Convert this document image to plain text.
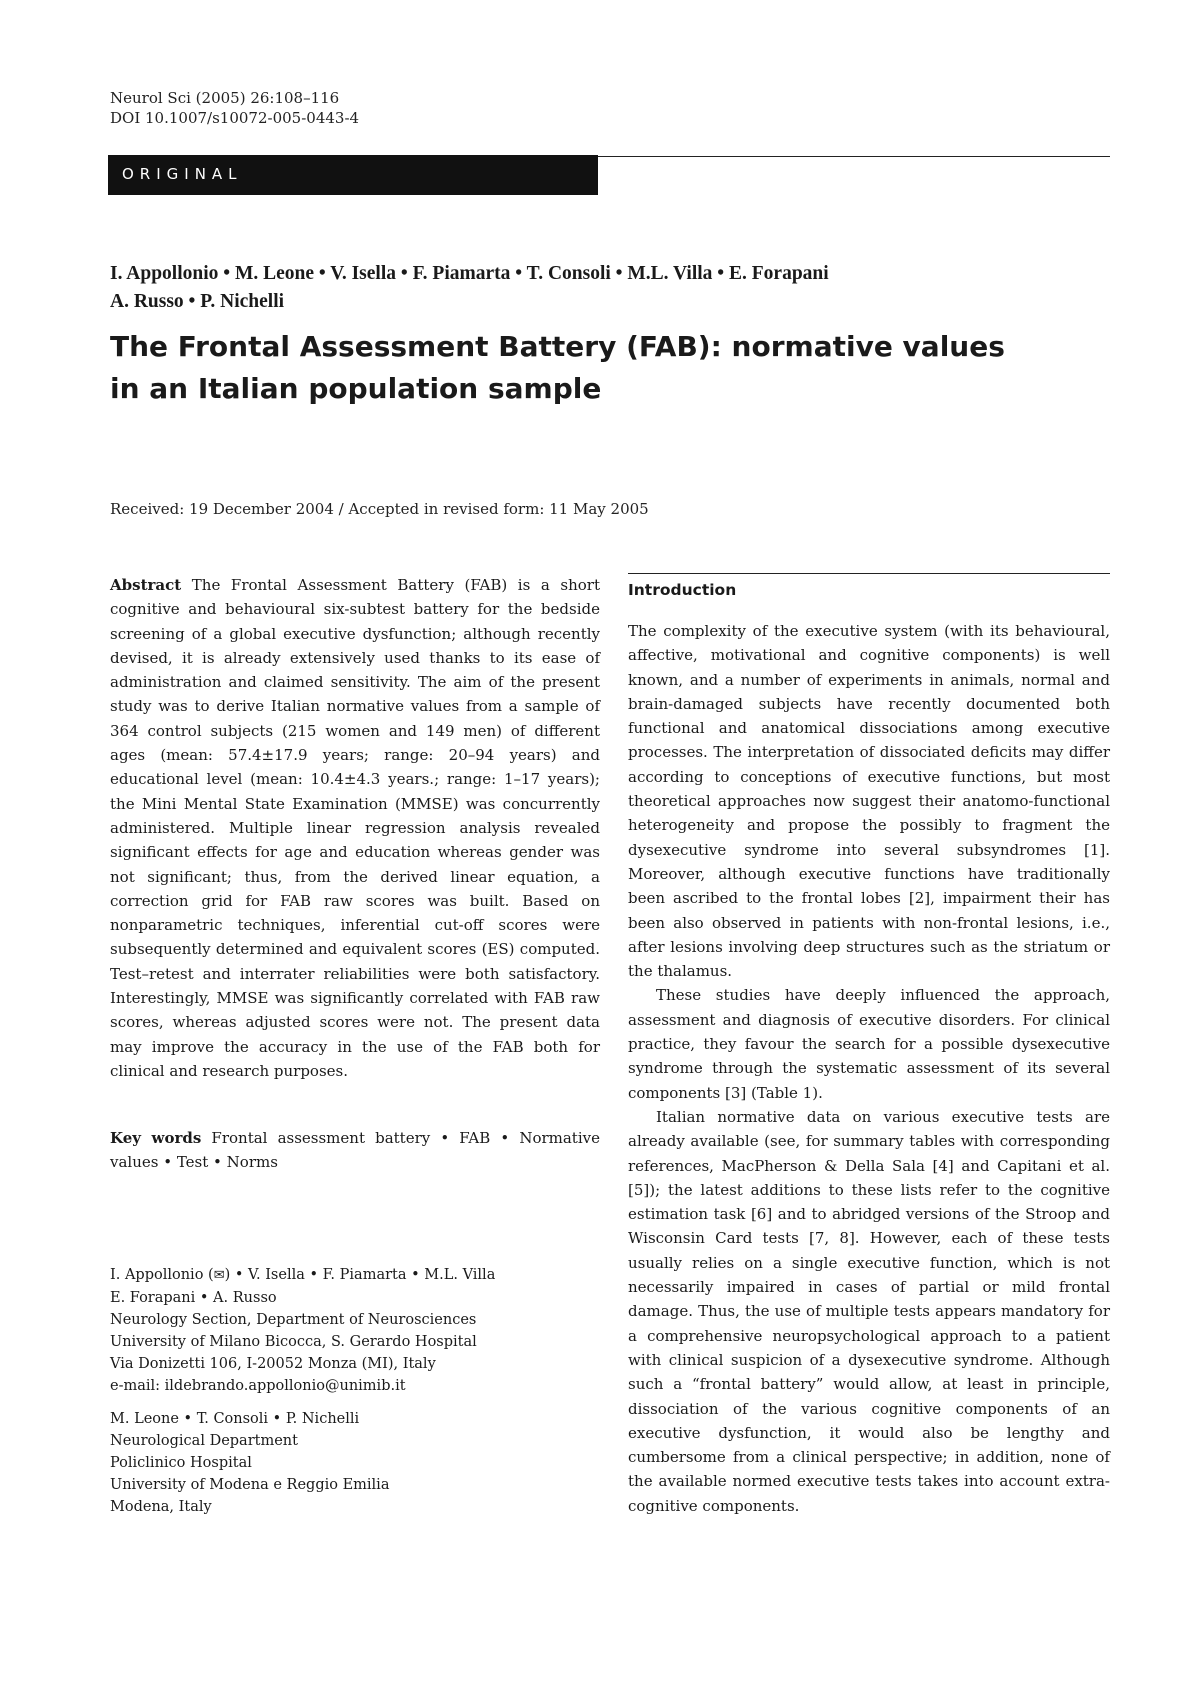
Neurol Sci (2005) 26:108–116
DOI 10.1007/s10072-005-0443-4
ORIGINAL
I. Appollonio • M. Leone • V. Isella • F. Piamarta • T. Consoli • M.L. Villa • E. Forapani
A. Russo • P. Nichelli
The Frontal Assessment Battery (FAB): normative values
in an Italian population sample
Received: 19 December 2004 / Accepted in revised form: 11 May 2005

Abstract The Frontal Assessment Battery (FAB) is a short cognitive and behavioural six-subtest battery for the bedside screening of a global executive dysfunction; although recently devised, it is already extensively used thanks to its ease of administration and claimed sensitivity. The aim of the present study was to derive Italian normative values from a sample of 364 control subjects (215 women and 149 men) of different ages (mean: 57.4±17.9 years; range: 20–94 years) and educational level (mean: 10.4±4.3 years.; range: 1–17 years); the Mini Mental State Examination (MMSE) was concurrently administered. Multiple linear regression analysis revealed significant effects for age and education whereas gender was not significant; thus, from the derived linear equation, a correction grid for FAB raw scores was built. Based on nonparametric techniques, inferential cut-off scores were subsequently determined and equivalent scores (ES) computed. Test–retest and interrater reliabilities were both satisfactory. Interestingly, MMSE was significantly correlated with FAB raw scores, whereas adjusted scores were not. The present data may improve the accuracy in the use of the FAB both for clinical and research purposes.

Key words Frontal assessment battery • FAB • Normative values • Test • Norms

I. Appollonio (✉) • V. Isella • F. Piamarta • M.L. Villa
E. Forapani • A. Russo
Neurology Section, Department of Neurosciences
University of Milano Bicocca, S. Gerardo Hospital
Via Donizetti 106, I-20052 Monza (MI), Italy
e-mail: ildebrando.appollonio@unimib.it
M. Leone • T. Consoli • P. Nichelli
Neurological Department
Policlinico Hospital
University of Modena e Reggio Emilia
Modena, Italy
Introduction

The complexity of the executive system (with its behavioural, affective, motivational and cognitive components) is well known, and a number of experiments in animals, normal and brain-damaged subjects have recently documented both functional and anatomical dissociations among executive processes. The interpretation of dissociated deficits may differ according to conceptions of executive functions, but most theoretical approaches now suggest their anatomo-functional heterogeneity and propose the possibly to fragment the dysexecutive syndrome into several subsyndromes [1]. Moreover, although executive functions have traditionally been ascribed to the frontal lobes [2], impairment their has been also observed in patients with non-frontal lesions, i.e., after lesions involving deep structures such as the striatum or the thalamus.

These studies have deeply influenced the approach, assessment and diagnosis of executive disorders. For clinical practice, they favour the search for a possible dysexecutive syndrome through the systematic assessment of its several components [3] (Table 1).

Italian normative data on various executive tests are already available (see, for summary tables with corresponding references, MacPherson & Della Sala [4] and Capitani et al. [5]); the latest additions to these lists refer to the cognitive estimation task [6] and to abridged versions of the Stroop and Wisconsin Card tests [7, 8]. However, each of these tests usually relies on a single executive function, which is not necessarily impaired in cases of partial or mild frontal damage. Thus, the use of multiple tests appears mandatory for a comprehensive neuropsychological approach to a patient with clinical suspicion of a dysexecutive syndrome. Although such a “frontal battery” would allow, at least in principle, dissociation of the various cognitive components of an executive dysfunction, it would also be lengthy and cumbersome from a clinical perspective; in addition, none of the available normed executive tests takes into account extra-cognitive components.
